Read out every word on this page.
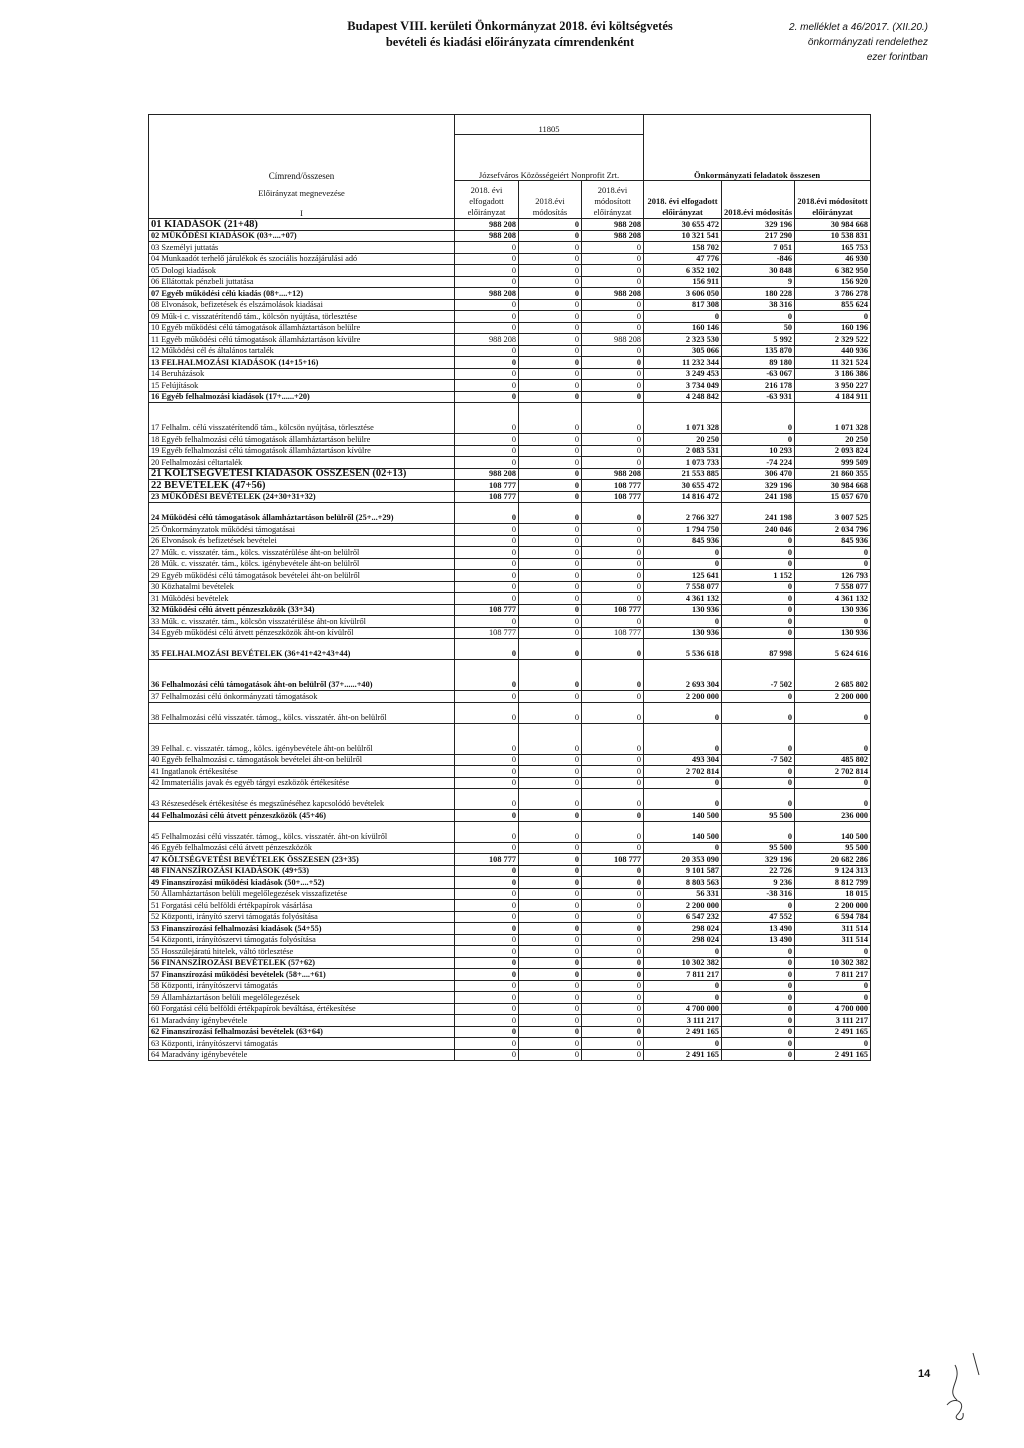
Budapest VIII. kerületi Önkormányzat 2018. évi költségvetés
bevételi és kiadási előirányzata címrendenként
2. melléklet a 46/2017. (XII.20.)
önkormányzati rendelethez
ezer forintban
	11805			Önkormányzati feladatok összesen		
Címrend/összesen	Józsefváros Közösségeiért Nonprofit Zrt.					

Előirányzat megnevezése
I	2018. évi elfogadott előirányzat	2018.évi módosítás	2018.évi módosított előirányzat	2018. évi elfogadott előirányzat	2018.évi módosítás	2018.évi módosított előirányzat
01 KIADÁSOK (21+48)	988 208	0	988 208	30 655 472	329 196	30 984 668
02 MŰKÖDÉSI KIADÁSOK (03+....+07)	988 208	0	988 208	10 321 541	217 290	10 538 831
03 Személyi juttatás	0	0	0	158 702	7 051	165 753
04 Munkaadót terhelő járulékok és szociális hozzájárulási adó	0	0	0	47 776	-846	46 930
05 Dologi kiadások	0	0	0	6 352 102	30 848	6 382 950
06 Ellátottak pénzbeli juttatása	0	0	0	156 911	9	156 920
07 Egyéb működési célú kiadás (08+....+12)	988 208	0	988 208	3 606 050	180 228	3 786 278
08 Elvonások, befizetések és elszámolások kiadásai	0	0	0	817 308	38 316	855 624
09 Műk-i c. visszatérítendő tám., kölcsön nyújtása, törlesztése	0	0	0	0	0	0
10 Egyéb működési célú támogatások államháztartáson belülre	0	0	0	160 146	50	160 196
11 Egyéb működési célú támogatások államháztartáson kívülre	988 208	0	988 208	2 323 530	5 992	2 329 522
12 Működési cél és általános tartalék	0	0	0	305 066	135 870	440 936
13 FELHALMOZÁSI KIADÁSOK (14+15+16)	0	0	0	11 232 344	89 180	11 321 524
14 Beruházások	0	0	0	3 249 453	-63 067	3 186 386
15 Felújítások	0	0	0	3 734 049	216 178	3 950 227
16 Egyéb felhalmozási kiadások (17+......+20)	0	0	0	4 248 842	-63 931	4 184 911
17 Felhalm. célú visszatérítendő tám., kölcsön nyújtása, törlesztése	0	0	0	1 071 328	0	1 071 328
18 Egyéb felhalmozási célú támogatások államháztartáson belülre	0	0	0	20 250	0	20 250
19 Egyéb felhalmozási célú támogatások államháztartáson kívülre	0	0	0	2 083 531	10 293	2 093 824
20 Felhalmozási céltartalék	0	0	0	1 073 733	-74 224	999 509
21 KÖLTSÉGVETÉSI KIADÁSOK ÖSSZESEN (02+13)	988 208	0	988 208	21 553 885	306 470	21 860 355
22 BEVÉTELEK (47+56)	108 777	0	108 777	30 655 472	329 196	30 984 668
23 MŰKÖDÉSI BEVÉTELEK (24+30+31+32)	108 777	0	108 777	14 816 472	241 198	15 057 670
24 Működési célú támogatások államháztartáson belülről (25+...+29)	0	0	0	2 766 327	241 198	3 007 525
25 Önkormányzatok működési támogatásai	0	0	0	1 794 750	240 046	2 034 796
26 Elvonások és befizetések bevételei	0	0	0	845 936	0	845 936
27 Műk. c. visszatér. tám., kölcs. visszatérülése áht-on belülről	0	0	0	0	0	0
28 Műk. c. visszatér. tám., kölcs. igénybevétele áht-on belülről	0	0	0	0	0	0
29 Egyéb működési célú támogatások bevételei áht-on belülről	0	0	0	125 641	1 152	126 793
30 Közhatalmi bevételek	0	0	0	7 558 077	0	7 558 077
31 Működési bevételek	0	0	0	4 361 132	0	4 361 132
32 Működési célú átvett pénzeszközök (33+34)	108 777	0	108 777	130 936	0	130 936
33 Műk. c. visszatér. tám., kölcsön visszatérülése áht-on kívülről	0	0	0	0	0	0
34 Egyéb működési célú átvett pénzeszközök áht-on kívülről	108 777	0	108 777	130 936	0	130 936
35 FELHALMOZÁSI BEVÉTELEK (36+41+42+43+44)	0	0	0	5 536 618	87 998	5 624 616
36 Felhalmozási célú támogatások áht-on belülről (37+......+40)	0	0	0	2 693 304	-7 502	2 685 802
37 Felhalmozási célú önkormányzati támogatások	0	0	0	2 200 000	0	2 200 000
38 Felhalmozási célú visszatér. támog., kölcs. visszatér. áht-on belülről	0	0	0	0	0	0
39 Felhal. c. visszatér. támog., kölcs. igénybevétele áht-on belülről	0	0	0	0	0	0
40 Egyéb felhalmozási c. támogatások bevételei áht-on belülről	0	0	0	493 304	-7 502	485 802
41 Ingatlanok értékesítése	0	0	0	2 702 814	0	2 702 814
42 Immateriális javak és egyéb tárgyi eszközök értékesítése	0	0	0	0	0	0
43 Részesedések értékesítése és megszűnéséhez kapcsolódó bevételek	0	0	0	0	0	0
44 Felhalmozási célú átvett pénzeszközök (45+46)	0	0	0	140 500	95 500	236 000
45 Felhalmozási célú visszatér. támog., kölcs. visszatér. áht-on kívülről	0	0	0	140 500	0	140 500
46 Egyéb felhalmozási célú átvett pénzeszközök	0	0	0	0	95 500	95 500
47 KÖLTSÉGVETÉSI BEVÉTELEK ÖSSZESEN (23+35)	108 777	0	108 777	20 353 090	329 196	20 682 286
48 FINANSZÍROZÁSI KIADÁSOK (49+53)	0	0	0	9 101 587	22 726	9 124 313
49 Finanszírozási működési kiadások (50+....+52)	0	0	0	8 803 563	9 236	8 812 799
50 Államháztartáson belüli megelőlegezések visszafizetése	0	0	0	56 331	-38 316	18 015
51 Forgatási célú belföldi értékpapírok vásárlása	0	0	0	2 200 000	0	2 200 000
52 Központi, irányító szervi támogatás folyósítása	0	0	0	6 547 232	47 552	6 594 784
53 Finanszírozási felhalmozási kiadások (54+55)	0	0	0	298 024	13 490	311 514
54 Központi, irányítószervi támogatás folyósítása	0	0	0	298 024	13 490	311 514
55 Hosszúlejáratú hitelek, váltó törlesztése	0	0	0	0	0	0
56 FINANSZÍROZÁSI BEVÉTELEK (57+62)	0	0	0	10 302 382	0	10 302 382
57 Finanszírozási működési bevételek (58+....+61)	0	0	0	7 811 217	0	7 811 217
58 Központi, irányítószervi támogatás	0	0	0	0	0	0
59 Államháztartáson belüli megelőlegezések	0	0	0	0	0	0
60 Forgatási célú belföldi értékpapírok beváltása, értékesítése	0	0	0	4 700 000	0	4 700 000
61 Maradvány igénybevétele	0	0	0	3 111 217	0	3 111 217
62 Finanszírozási felhalmozási bevételek (63+64)	0	0	0	2 491 165	0	2 491 165
63 Központi, irányítószervi támogatás	0	0	0	0	0	0
64 Maradvány igénybevétele	0	0	0	2 491 165	0	2 491 165
14
